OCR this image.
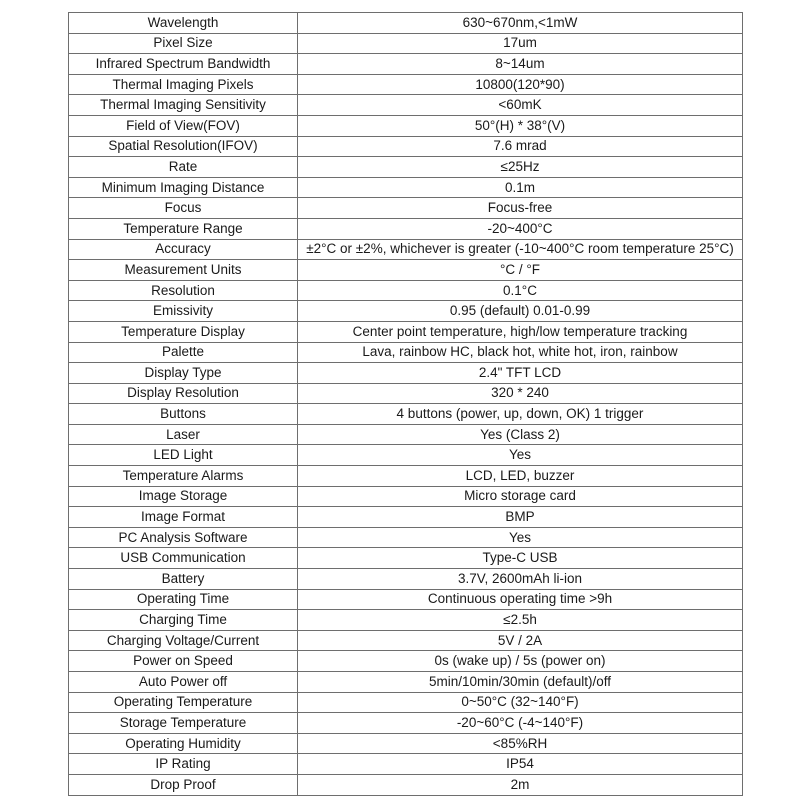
Wavelength	630~670nm,<1mW
Pixel Size	17um
Infrared Spectrum Bandwidth	8~14um
Thermal Imaging Pixels	10800(120*90)
Thermal Imaging Sensitivity	<60mK
Field of View(FOV)	50°(H) * 38°(V)
Spatial Resolution(IFOV)	7.6 mrad
Rate	≤25Hz
Minimum Imaging Distance	0.1m
Focus	Focus-free
Temperature Range	-20~400°C
Accuracy	±2°C or ±2%, whichever is greater (-10~400°C room temperature 25°C)
Measurement Units	°C / °F
Resolution	0.1°C
Emissivity	0.95 (default) 0.01-0.99
Temperature Display	Center point temperature, high/low temperature tracking
Palette	Lava, rainbow HC, black hot, white hot, iron, rainbow
Display Type	2.4" TFT LCD
Display Resolution	320 * 240
Buttons	4 buttons (power, up, down, OK) 1 trigger
Laser	Yes (Class 2)
LED Light	Yes
Temperature Alarms	LCD, LED, buzzer
Image Storage	Micro storage card
Image Format	BMP
PC Analysis Software	Yes
USB Communication	Type-C USB
Battery	3.7V, 2600mAh li-ion
Operating Time	Continuous operating time >9h
Charging Time	≤2.5h
Charging Voltage/Current	5V / 2A
Power on Speed	0s (wake up) / 5s (power on)
Auto Power off	5min/10min/30min (default)/off
Operating Temperature	0~50°C (32~140°F)
Storage Temperature	-20~60°C (-4~140°F)
Operating Humidity	<85%RH
IP Rating	IP54
Drop Proof	2m
